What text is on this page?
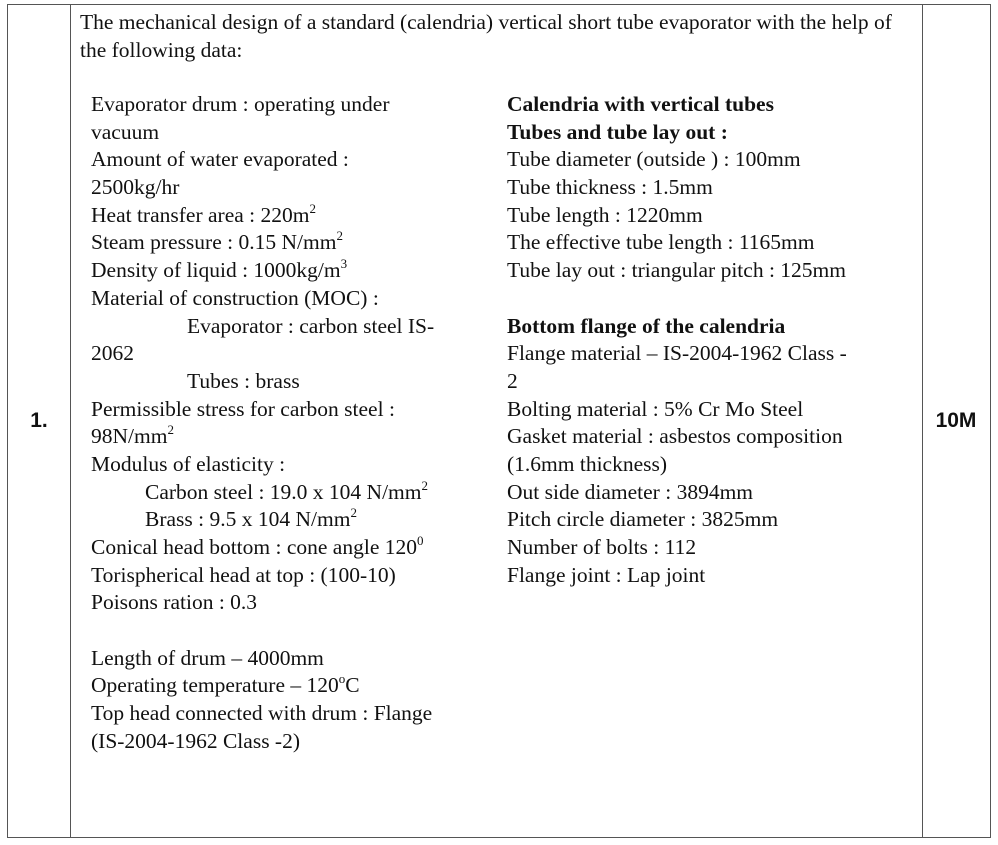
1.	10M
The mechanical design of a standard (calendria) vertical short tube evaporator with the help of the following data:
Evaporator drum : operating under
vacuum
Amount of water evaporated :
2500kg/hr
Heat transfer area : $220m^2$
Steam pressure : 0.15 $N/mm^2$
Density of liquid : $1000kg/m^3$
Material of construction (MOC) :
Evaporator : carbon steel IS-
2062
Tubes : brass
Permissible stress for carbon steel :
$98N/mm^2$
Modulus of elasticity :
Carbon steel : 19.0 x 104 $N/mm^2$
Brass : 9.5 x 104 $N/mm^2$
Conical head bottom : cone angle $120^0$
Torispherical head at top : (100-10)
Poisons ration : 0.3
Length of drum – 4000mm
Operating temperature – 120$^o$C
Top head connected with drum : Flange
(IS-2004-1962 Class -2)
Calendria with vertical tubes
Tubes and tube lay out :
Tube diameter (outside ) : 100mm
Tube thickness : 1.5mm
Tube length : 1220mm
The effective tube length : 1165mm
Tube lay out : triangular pitch : 125mm
Bottom flange of the calendria
Flange material – IS-2004-1962 Class -
2
Bolting material : 5% Cr Mo Steel
Gasket material : asbestos composition
(1.6mm thickness)
Out side diameter : 3894mm
Pitch circle diameter : 3825mm
Number of bolts : 112
Flange joint : Lap joint
